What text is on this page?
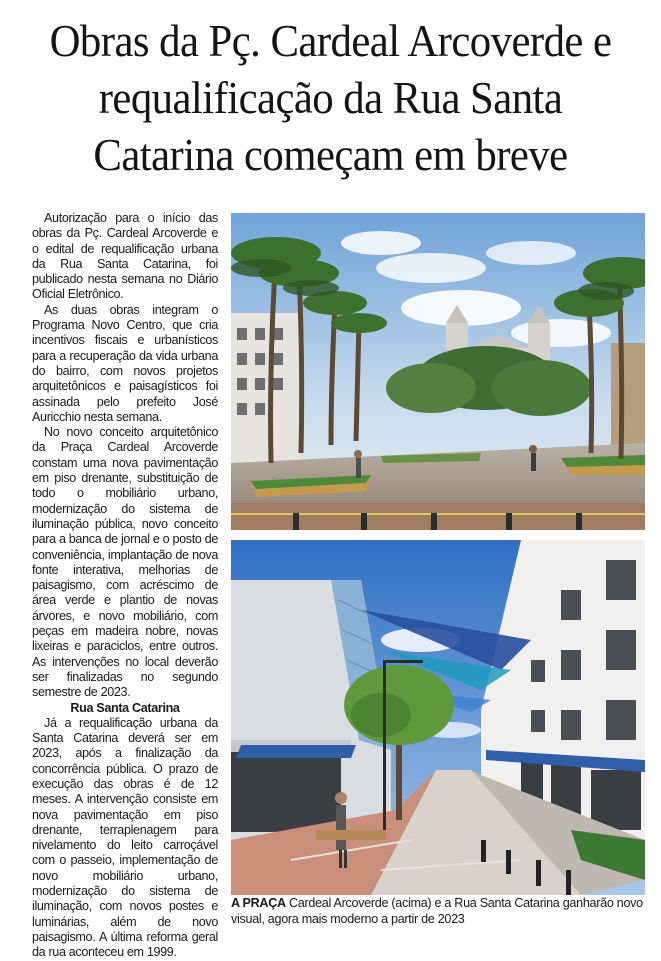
Obras da Pç. Cardeal Arcoverde e requalificação da Rua Santa Catarina começam em breve

Autorização para o início das obras da Pç. Cardeal Arcoverde e o edital de requalificação urbana da Rua Santa Catarina, foi publicado nesta semana no Diário Oficial Eletrônico.

As duas obras integram o Programa Novo Centro, que cria incentivos fiscais e urbanísticos para a recuperação da vida urbana do bairro, com novos projetos arquitetônicos e paisagísticos foi assinada pelo prefeito José Auricchio nesta semana.

No novo conceito arquitetônico da Praça Cardeal Arcoverde constam uma nova pavimentação em piso drenante, substituição de todo o mobiliário urbano, modernização do sistema de iluminação pública, novo conceito para a banca de jornal e o posto de conveniência, implantação de nova fonte interativa, melhorias de paisagismo, com acréscimo de área verde e plantio de novas árvores, e novo mobiliário, com peças em madeira nobre, novas lixeiras e paraciclos, entre outros. As intervenções no local deverão ser finalizadas no segundo semestre de 2023.

Rua Santa Catarina

Já a requalificação urbana da Santa Catarina deverá ser em 2023, após a finalização da concorrência pública. O prazo de execução das obras é de 12 meses. A intervenção consiste em nova pavimentação em piso drenante, terraplenagem para nivelamento do leito carroçável com o passeio, implementação de novo mobiliário urbano, modernização do sistema de iluminação, com novos postes e luminárias, além de novo paisagismo. A última reforma geral da rua aconteceu em 1999.

A PRAÇA Cardeal Arcoverde (acima) e a Rua Santa Catarina ganharão novo visual, agora mais moderno a partir de 2023
